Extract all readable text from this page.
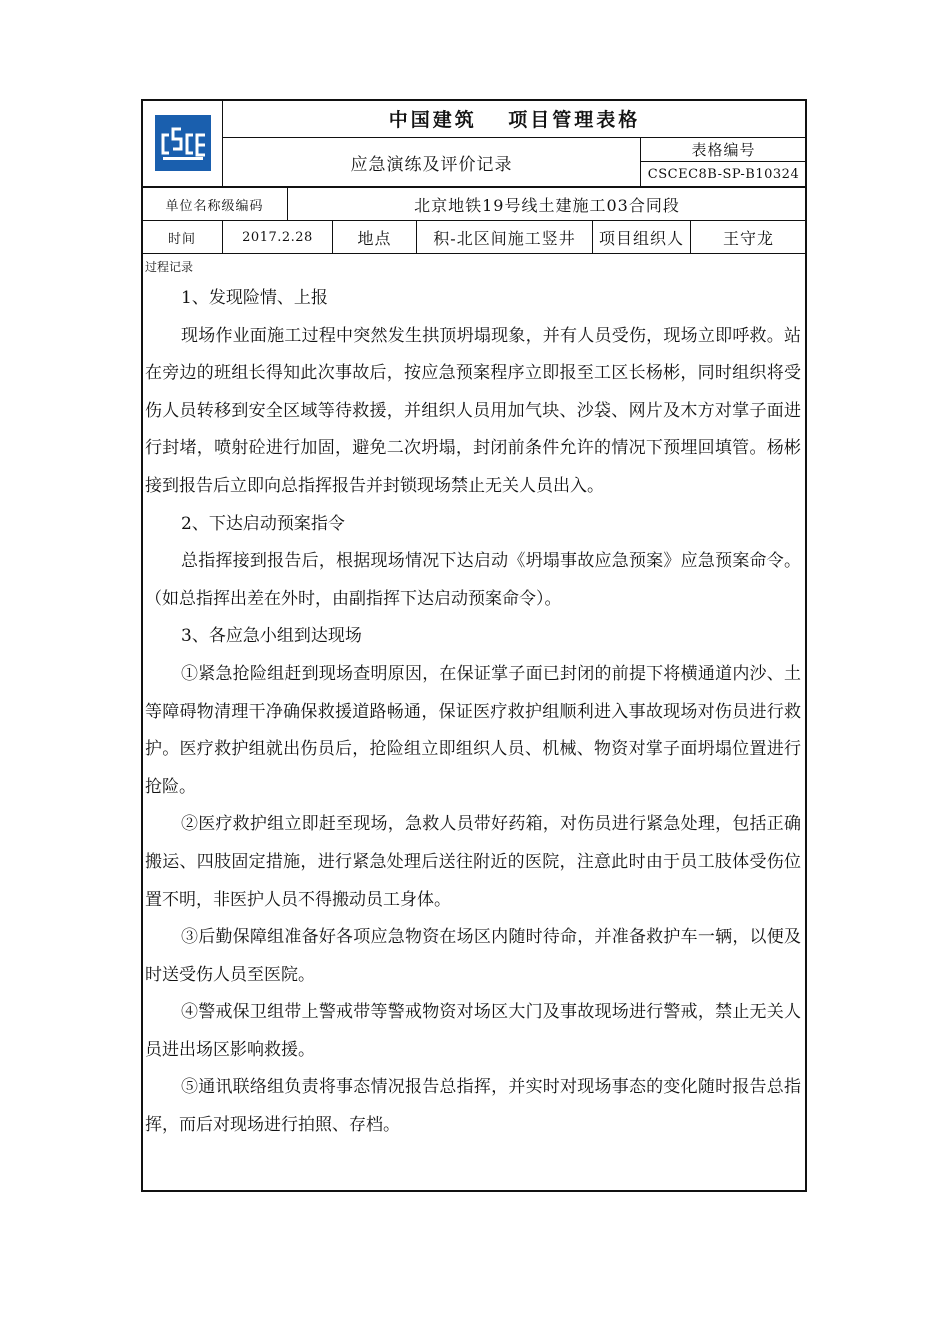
中国建筑　 项目管理表格
应急演练及评价记录
表格编号
CSCEC8B-SP-B10324
单位名称级编码	北京地铁19号线土建施工03合同段
时间	2017.2.28	地点	积-北区间施工竖井	项目组织人	王守龙
过程记录

1、发现险情、上报

现场作业面施工过程中突然发生拱顶坍塌现象，并有人员受伤，现场立即呼救。站在旁边的班组长得知此次事故后，按应急预案程序立即报至工区长杨彬，同时组织将受伤人员转移到安全区域等待救援，并组织人员用加气块、沙袋、网片及木方对掌子面进行封堵，喷射砼进行加固，避免二次坍塌，封闭前条件允许的情况下预埋回填管。杨彬接到报告后立即向总指挥报告并封锁现场禁止无关人员出入。

2、下达启动预案指令

总指挥接到报告后，根据现场情况下达启动《坍塌事故应急预案》应急预案命令。（如总指挥出差在外时，由副指挥下达启动预案命令）。

3、各应急小组到达现场

①紧急抢险组赶到现场查明原因，在保证掌子面已封闭的前提下将横通道内沙、土等障碍物清理干净确保救援道路畅通，保证医疗救护组顺利进入事故现场对伤员进行救护。医疗救护组就出伤员后，抢险组立即组织人员、机械、物资对掌子面坍塌位置进行抢险。

②医疗救护组立即赶至现场，急救人员带好药箱，对伤员进行紧急处理，包括正确搬运、四肢固定措施，进行紧急处理后送往附近的医院，注意此时由于员工肢体受伤位置不明，非医护人员不得搬动员工身体。

③后勤保障组准备好各项应急物资在场区内随时待命，并准备救护车一辆，以便及时送受伤人员至医院。

④警戒保卫组带上警戒带等警戒物资对场区大门及事故现场进行警戒，禁止无关人员进出场区影响救援。

⑤通讯联络组负责将事态情况报告总指挥，并实时对现场事态的变化随时报告总指挥，而后对现场进行拍照、存档。
